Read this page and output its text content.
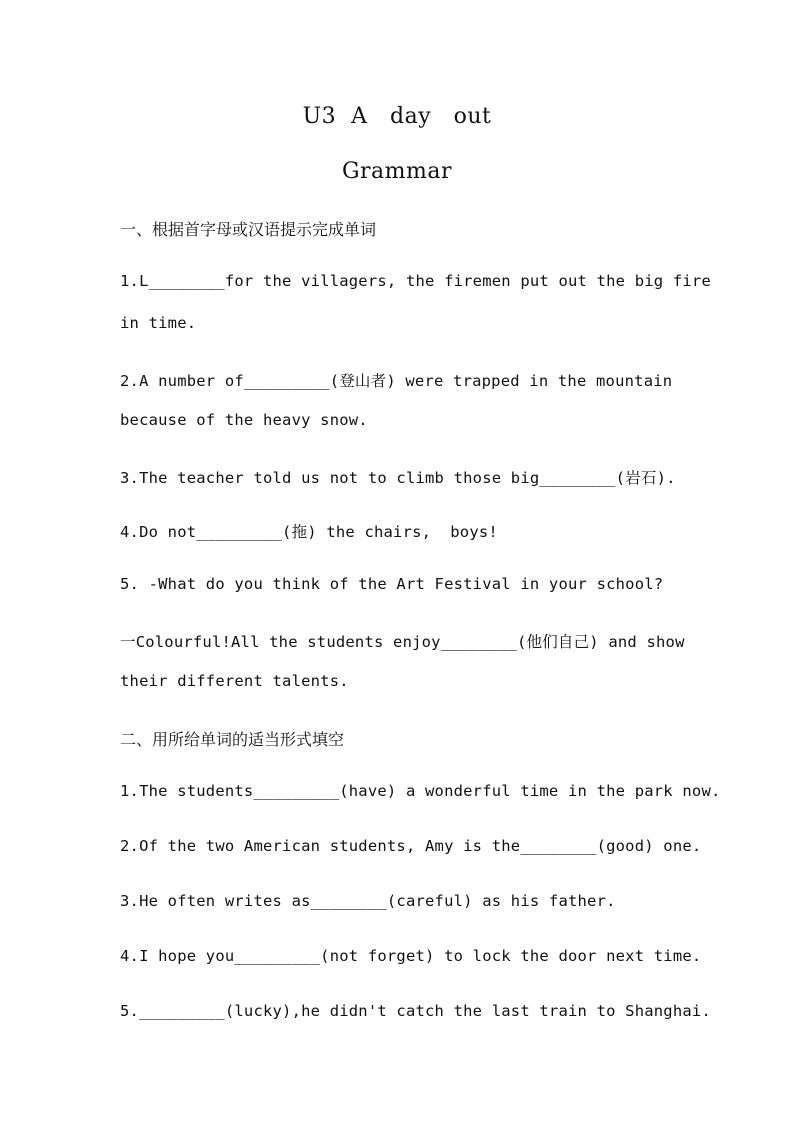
U3  A   day   out
Grammar
一、根据首字母或汉语提示完成单词
1.L________for the villagers, the firemen put out the big fire
in time.
2.A number of_________(登山者) were trapped in the mountain
because of the heavy snow.
3.The teacher told us not to climb those big________(岩石).
4.Do not_________(拖) the chairs,  boys!
5. -What do you think of the Art Festival in your school?
一Colourful!All the students enjoy________(他们自己) and show
their different talents.
二、用所给单词的适当形式填空
1.The students_________(have) a wonderful time in the park now.
2.Of the two American students, Amy is the________(good) one.
3.He often writes as________(careful) as his father.
4.I hope you_________(not forget) to lock the door next time.
5._________(lucky),he didn't catch the last train to Shanghai.
